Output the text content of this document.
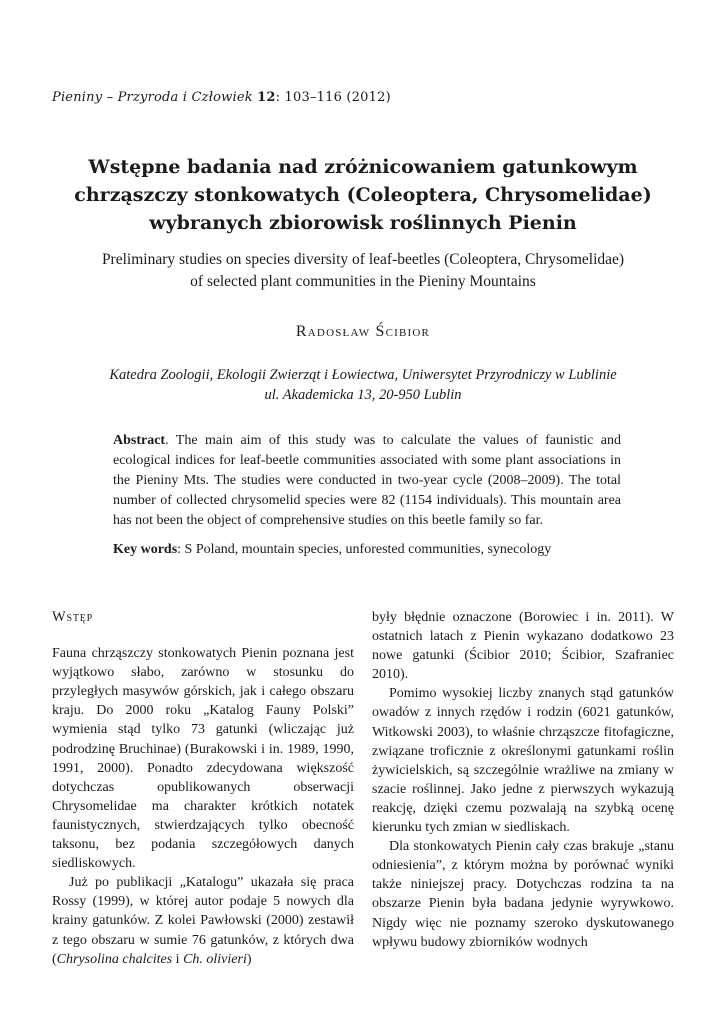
Pieniny – Przyroda i Człowiek 12: 103–116 (2012)
Wstępne badania nad zróżnicowaniem gatunkowym
chrząszczy stonkowatych (Coleoptera, Chrysomelidae)
wybranych zbiorowisk roślinnych Pienin
Preliminary studies on species diversity of leaf-beetles (Coleoptera, Chrysomelidae)
of selected plant communities in the Pieniny Mountains
Radosław Ścibior
Katedra Zoologii, Ekologii Zwierząt i Łowiectwa, Uniwersytet Przyrodniczy w Lublinie
ul. Akademicka 13, 20-950 Lublin
Abstract. The main aim of this study was to calculate the values of faunistic and ecological indices for leaf-beetle communities associated with some plant associations in the Pieniny Mts. The studies were conducted in two-year cycle (2008–2009). The total number of collected chrysomelid species were 82 (1154 individuals). This mountain area has not been the object of comprehensive studies on this beetle family so far.
Key words: S Poland, mountain species, unforested communities, synecology
Wstęp
Fauna chrząszczy stonkowatych Pienin poznana jest wyjątkowo słabo, zarówno w stosunku do przyległych masywów górskich, jak i całego obszaru kraju. Do 2000 roku „Katalog Fauny Polski” wymienia stąd tylko 73 gatunki (wliczając już podrodzinę Bruchinae) (Burakowski i in. 1989, 1990, 1991, 2000). Ponadto zdecydowana większość dotychczas opublikowanych obserwacji Chrysomelidae ma charakter krótkich notatek faunistycznych, stwierdzających tylko obecność taksonu, bez podania szczegółowych danych siedliskowych.
Już po publikacji „Katalogu” ukazała się praca Rossy (1999), w której autor podaje 5 nowych dla krainy gatunków. Z kolei Pawłowski (2000) zestawił z tego obszaru w sumie 76 gatunków, z których dwa (Chrysolina chalcites i Ch. olivieri)
były błędnie oznaczone (Borowiec i in. 2011). W ostatnich latach z Pienin wykazano dodatkowo 23 nowe gatunki (Ścibior 2010; Ścibior, Szafraniec 2010).
Pomimo wysokiej liczby znanych stąd gatunków owadów z innych rzędów i rodzin (6021 gatunków, Witkowski 2003), to właśnie chrząszcze fitofagiczne, związane troficznie z określonymi gatunkami roślin żywicielskich, są szczególnie wrażliwe na zmiany w szacie roślinnej. Jako jedne z pierwszych wykazują reakcję, dzięki czemu pozwalają na szybką ocenę kierunku tych zmian w siedliskach.
Dla stonkowatych Pienin cały czas brakuje „stanu odniesienia”, z którym można by porównać wyniki także niniejszej pracy. Dotychczas rodzina ta na obszarze Pienin była badana jedynie wyrywkowo. Nigdy więc nie poznamy szeroko dyskutowanego wpływu budowy zbiorników wodnych
